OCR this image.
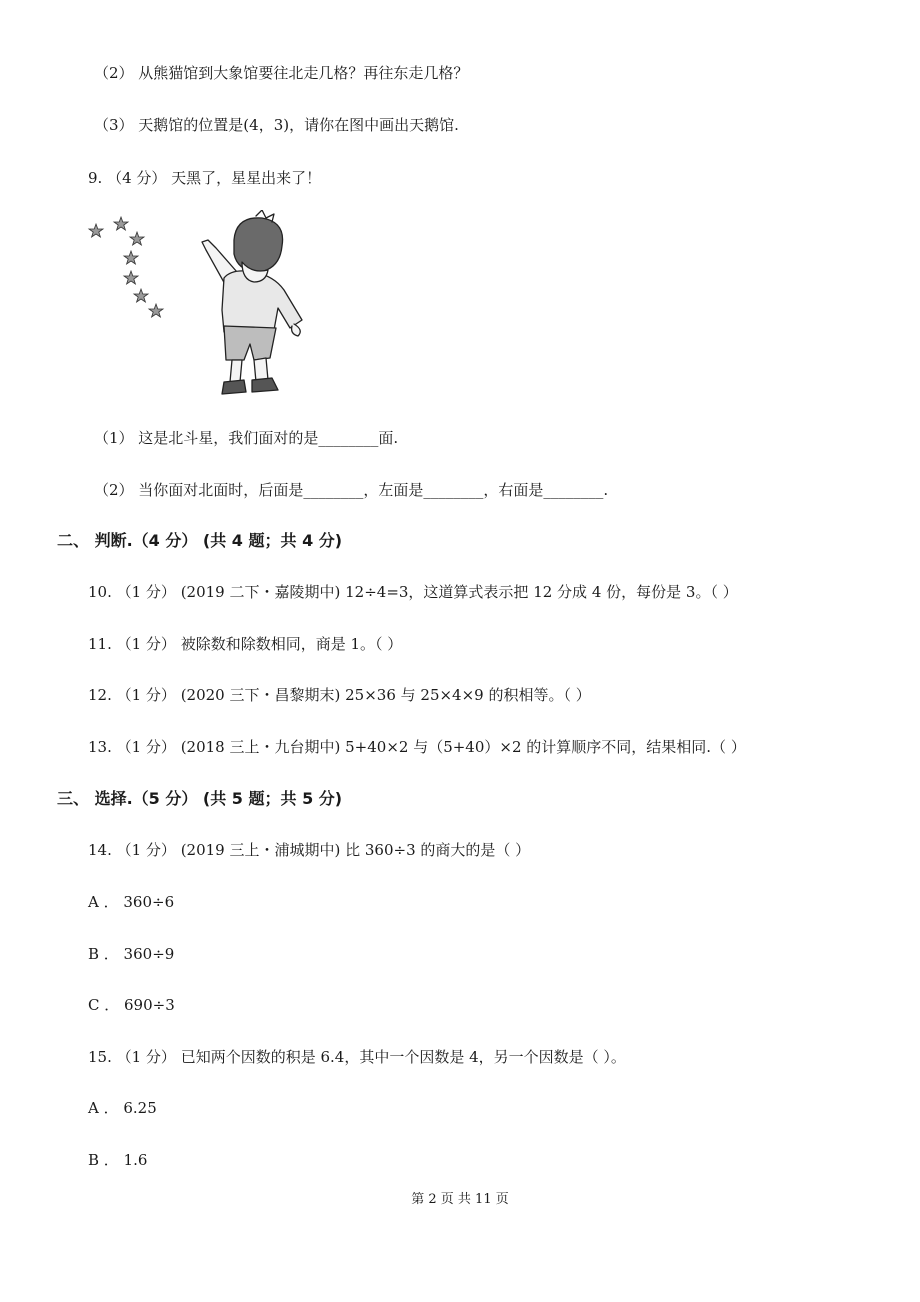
（2） 从熊猫馆到大象馆要往北走几格？再往东走几格？
（3） 天鹅馆的位置是(4，3)，请你在图中画出天鹅馆.
9. （4 分） 天黑了，星星出来了！
（1） 这是北斗星，我们面对的是________面.
（2） 当你面对北面时，后面是________，左面是________，右面是________.
二、 判断.（4 分） (共 4 题；共 4 分)
10. （1 分） (2019 二下・嘉陵期中) 12÷4=3，这道算式表示把 12 分成 4 份，每份是 3。（ ）
11. （1 分） 被除数和除数相同，商是 1。（ ）
12. （1 分） (2020 三下・昌黎期末) 25×36 与 25×4×9 的积相等。（ ）
13. （1 分） (2018 三上・九台期中) 5+40×2 与（5+40）×2 的计算顺序不同，结果相同.（ ）
三、 选择.（5 分） (共 5 题；共 5 分)
14. （1 分） (2019 三上・浦城期中) 比 360÷3 的商大的是（ ）
A ． 360÷6
B ． 360÷9
C ． 690÷3
15. （1 分） 已知两个因数的积是 6.4，其中一个因数是 4，另一个因数是（ ）。
A ． 6.25
B ． 1.6
第 2 页 共 11 页
